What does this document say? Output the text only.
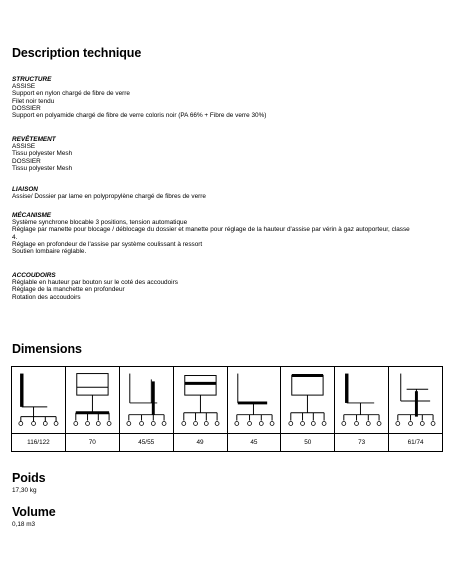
Description technique
STRUCTURE
ASSISE
Support en nylon chargé de fibre de verre
Filet noir tendu
DOSSIER
Support en polyamide chargé de fibre de verre coloris noir (PA 66% + Fibre de verre 30%)
REVÊTEMENT
ASSISE
Tissu polyester Mesh
DOSSIER
Tissu polyester Mesh
LIAISON
Assise/ Dossier par lame en polypropylène chargé de fibres de verre
MÉCANISME
Système synchrone blocable 3 positions, tension automatique
Réglage par manette pour blocage / déblocage du dossier et manette pour réglage de la hauteur d'assise par vérin à gaz autoporteur, classe
4.
Réglage en profondeur de l'assise par système coulissant à ressort
Soutien lombaire réglable.
ACCOUDOIRS
Réglable en hauteur par bouton sur le coté des accoudoirs
Réglage de la manchette en profondeur
Rotation des accoudoirs
Dimensions
116/122	70	45/55	49	45	50	73	61/74
Poids
17,30 kg
Volume
0,18 m3
